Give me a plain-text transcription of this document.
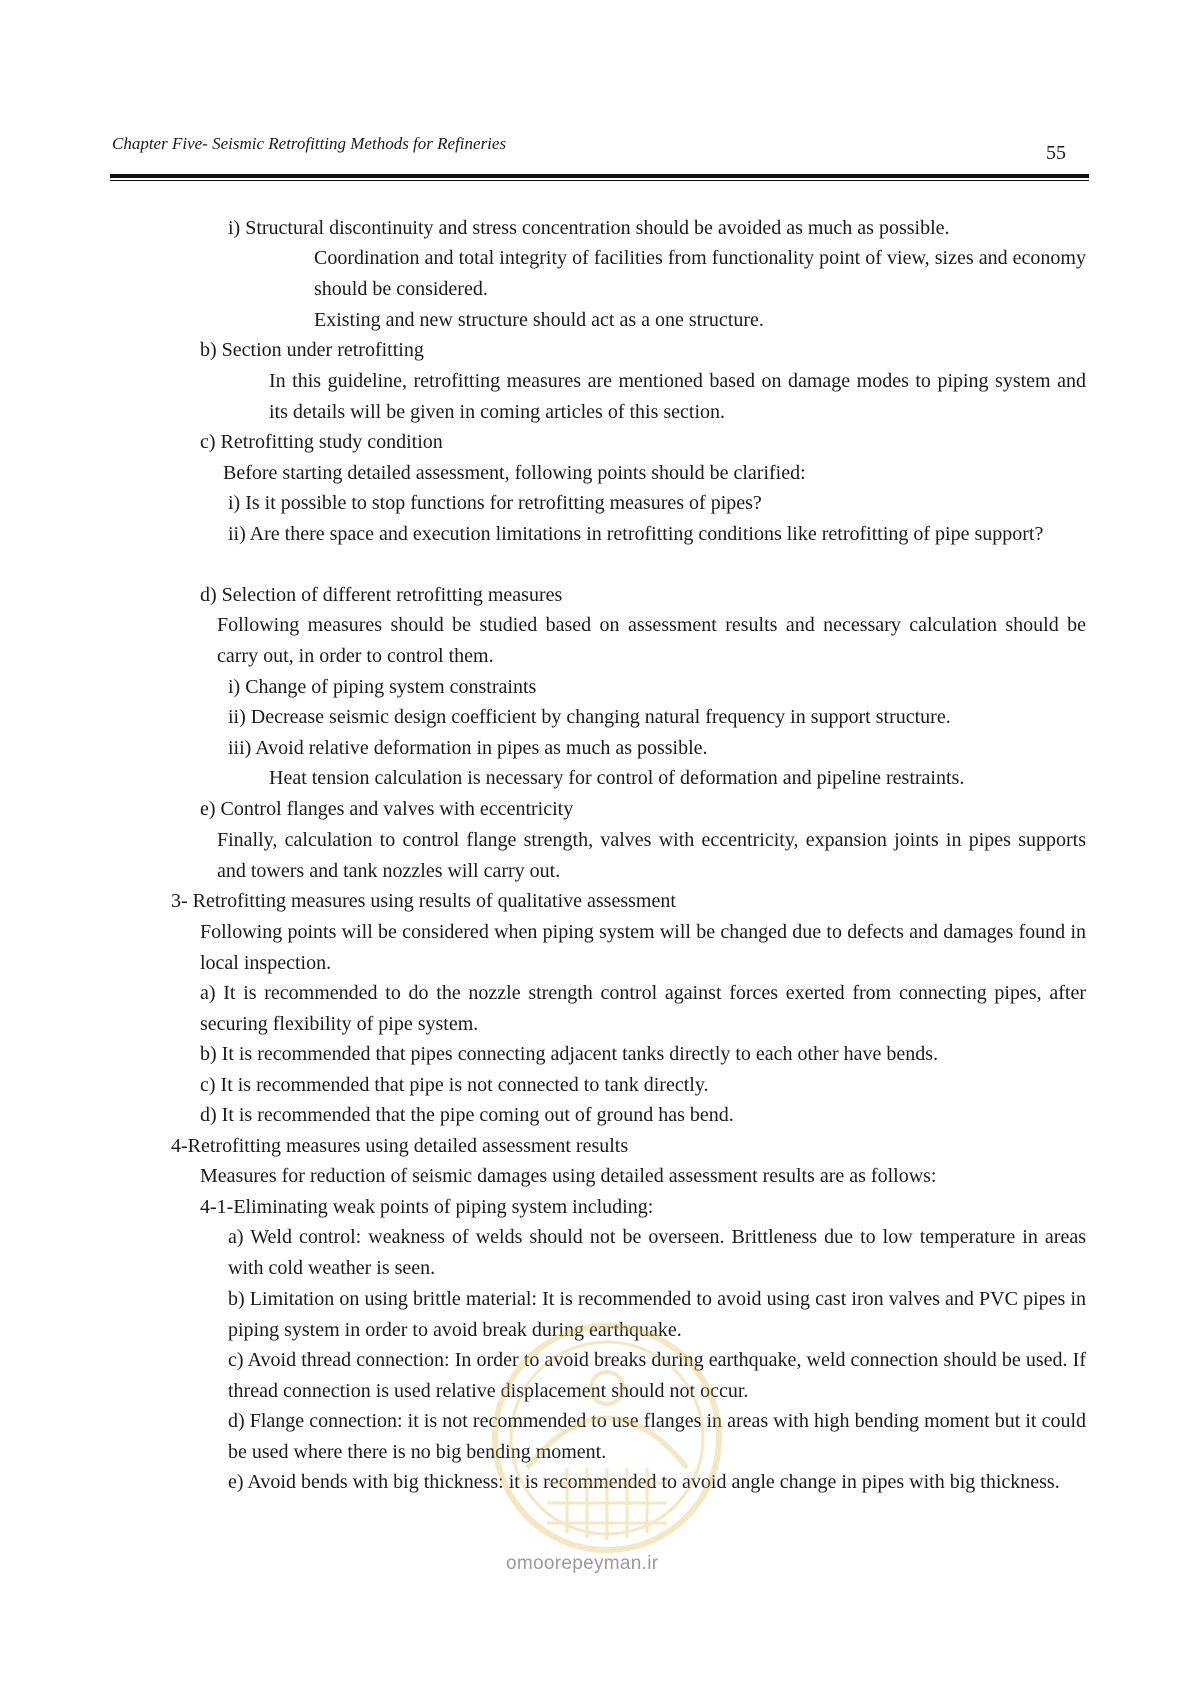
Chapter Five- Seismic Retrofitting Methods for Refineries	55
i) Structural discontinuity and stress concentration should be avoided as much as possible.
Coordination and total integrity of facilities from functionality point of view, sizes and economy should be considered.
Existing and new structure should act as a one structure.
b) Section under retrofitting
In this guideline, retrofitting measures are mentioned based on damage modes to piping system and its details will be given in coming articles of this section.
c) Retrofitting study condition
Before starting detailed assessment, following points should be clarified:
i) Is it possible to stop functions for retrofitting measures of pipes?
ii) Are there space and execution limitations in retrofitting conditions like retrofitting of pipe support?
d) Selection of different retrofitting measures
Following measures should be studied based on assessment results and necessary calculation should be carry out, in order to control them.
i) Change of piping system constraints
ii) Decrease seismic design coefficient by changing natural frequency in support structure.
iii) Avoid relative deformation in pipes as much as possible.
Heat tension calculation is necessary for control of deformation and pipeline restraints.
e) Control flanges and valves with eccentricity
Finally, calculation to control flange strength, valves with eccentricity, expansion joints in pipes supports and towers and tank nozzles will carry out.
3- Retrofitting measures using results of qualitative assessment
Following points will be considered when piping system will be changed due to defects and damages found in local inspection.
a) It is recommended to do the nozzle strength control against forces exerted from connecting pipes, after securing flexibility of pipe system.
b) It is recommended that pipes connecting adjacent tanks directly to each other have bends.
c) It is recommended that pipe is not connected to tank directly.
d) It is recommended that the pipe coming out of ground has bend.
4-Retrofitting measures using detailed assessment results
Measures for reduction of seismic damages using detailed assessment results are as follows:
4-1-Eliminating weak points of piping system including:
a) Weld control: weakness of welds should not be overseen. Brittleness due to low temperature in areas with cold weather is seen.
b) Limitation on using brittle material: It is recommended to avoid using cast iron valves and PVC pipes in piping system in order to avoid break during earthquake.
c) Avoid thread connection: In order to avoid breaks during earthquake, weld connection should be used. If thread connection is used relative displacement should not occur.
d) Flange connection: it is not recommended to use flanges in areas with high bending moment but it could be used where there is no big bending moment.
e) Avoid bends with big thickness: it is recommended to avoid angle change in pipes with big thickness.
omoorepeyman.ir
